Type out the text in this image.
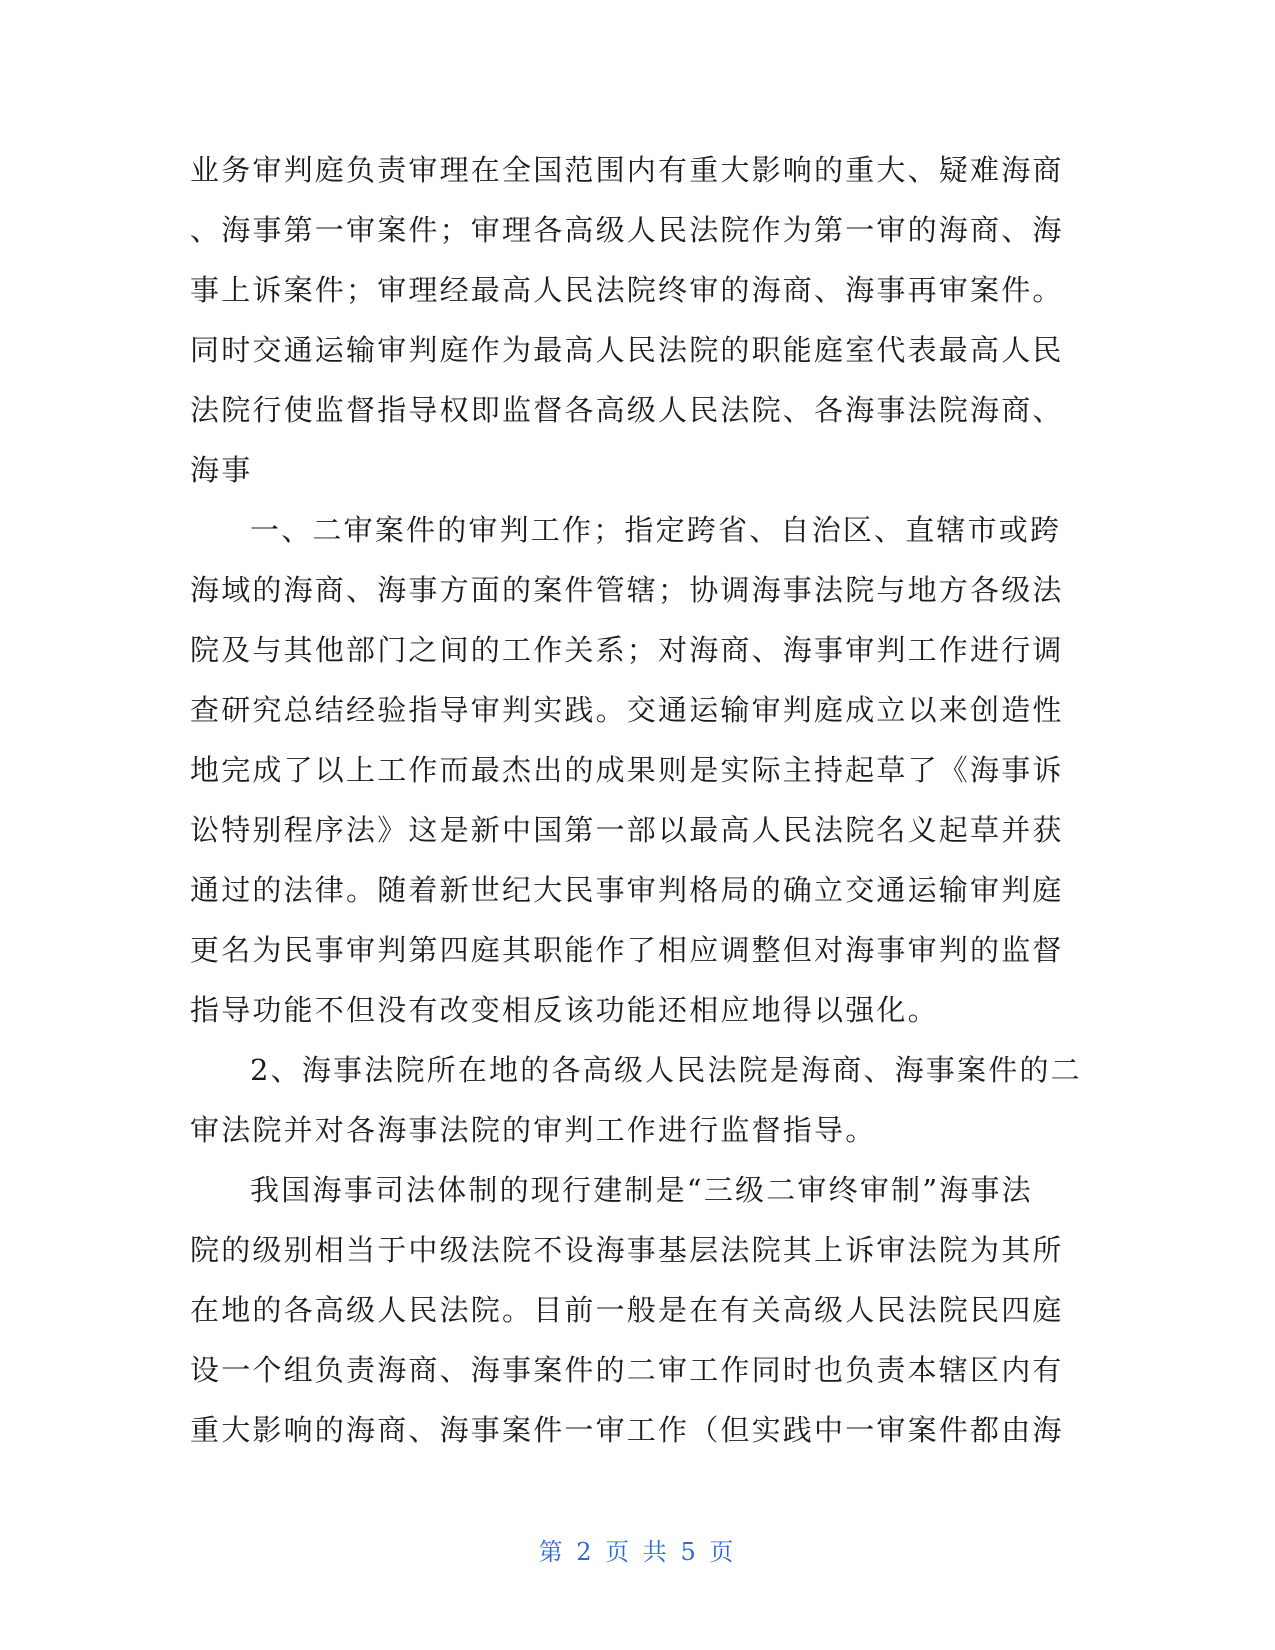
业务审判庭负责审理在全国范围内有重大影响的重大、疑难海商
、海事第一审案件；审理各高级人民法院作为第一审的海商、海
事上诉案件；审理经最高人民法院终审的海商、海事再审案件。
同时交通运输审判庭作为最高人民法院的职能庭室代表最高人民
法院行使监督指导权即监督各高级人民法院、各海事法院海商、
海事
一、二审案件的审判工作；指定跨省、自治区、直辖市或跨
海域的海商、海事方面的案件管辖；协调海事法院与地方各级法
院及与其他部门之间的工作关系；对海商、海事审判工作进行调
查研究总结经验指导审判实践。交通运输审判庭成立以来创造性
地完成了以上工作而最杰出的成果则是实际主持起草了《海事诉
讼特别程序法》这是新中国第一部以最高人民法院名义起草并获
通过的法律。随着新世纪大民事审判格局的确立交通运输审判庭
更名为民事审判第四庭其职能作了相应调整但对海事审判的监督
指导功能不但没有改变相反该功能还相应地得以强化。
2、海事法院所在地的各高级人民法院是海商、海事案件的二
审法院并对各海事法院的审判工作进行监督指导。
我国海事司法体制的现行建制是“三级二审终审制”海事法
院的级别相当于中级法院不设海事基层法院其上诉审法院为其所
在地的各高级人民法院。目前一般是在有关高级人民法院民四庭
设一个组负责海商、海事案件的二审工作同时也负责本辖区内有
重大影响的海商、海事案件一审工作（但实践中一审案件都由海
第 2 页 共 5 页
